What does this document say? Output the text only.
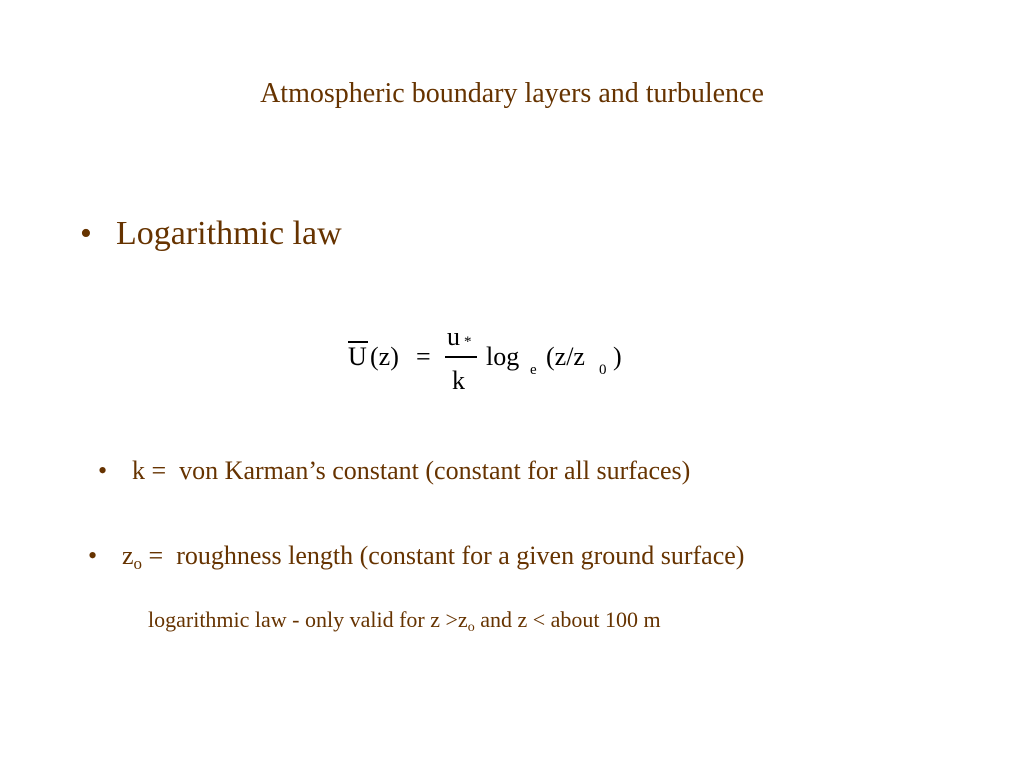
Atmospheric boundary layers and turbulence
• Logarithmic law
U (z) =
u *
k
log e (z/z 0 )
• k = von Karman’s constant (constant for all surfaces)
• $z_o$ = roughness length (constant for a given ground surface)
logarithmic law - only valid for $z >z_o$ and z < about 100 m
